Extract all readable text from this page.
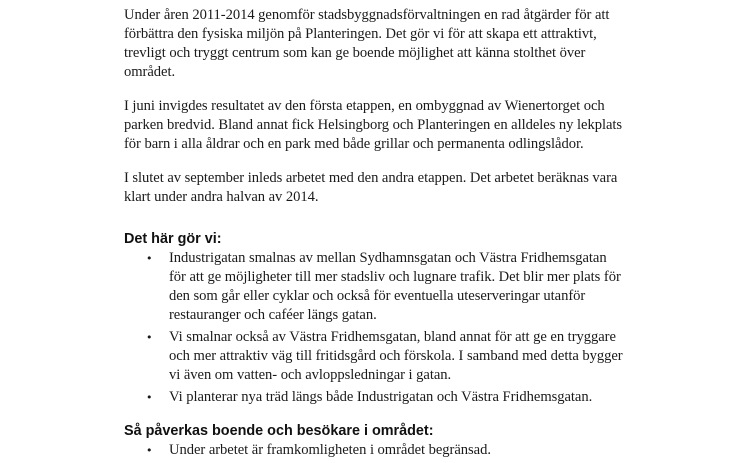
Under åren 2011-2014 genomför stadsbyggnadsförvaltningen en rad åtgärder för att förbättra den fysiska miljön på Planteringen. Det gör vi för att skapa ett attraktivt, trevligt och tryggt centrum som kan ge boende möjlighet att känna stolthet över området.

I juni invigdes resultatet av den första etappen, en ombyggnad av Wienertorget och parken bredvid. Bland annat fick Helsingborg och Planteringen en alldeles ny lekplats för barn i alla åldrar och en park med både grillar och permanenta odlingslådor.

I slutet av september inleds arbetet med den andra etappen. Det arbetet beräknas vara klart under andra halvan av 2014.

Det här gör vi:
• Industrigatan smalnas av mellan Sydhamnsgatan och Västra Fridhemsgatan för att ge möjligheter till mer stadsliv och lugnare trafik. Det blir mer plats för den som går eller cyklar och också för eventuella uteserveringar utanför restauranger och caféer längs gatan.
• Vi smalnar också av Västra Fridhemsgatan, bland annat för att ge en tryggare och mer attraktiv väg till fritidsgård och förskola. I samband med detta bygger vi även om vatten- och avloppsledningar i gatan.
• Vi planterar nya träd längs både Industrigatan och Västra Fridhemsgatan.
Så påverkas boende och besökare i området:
• Under arbetet är framkomligheten i området begränsad.
